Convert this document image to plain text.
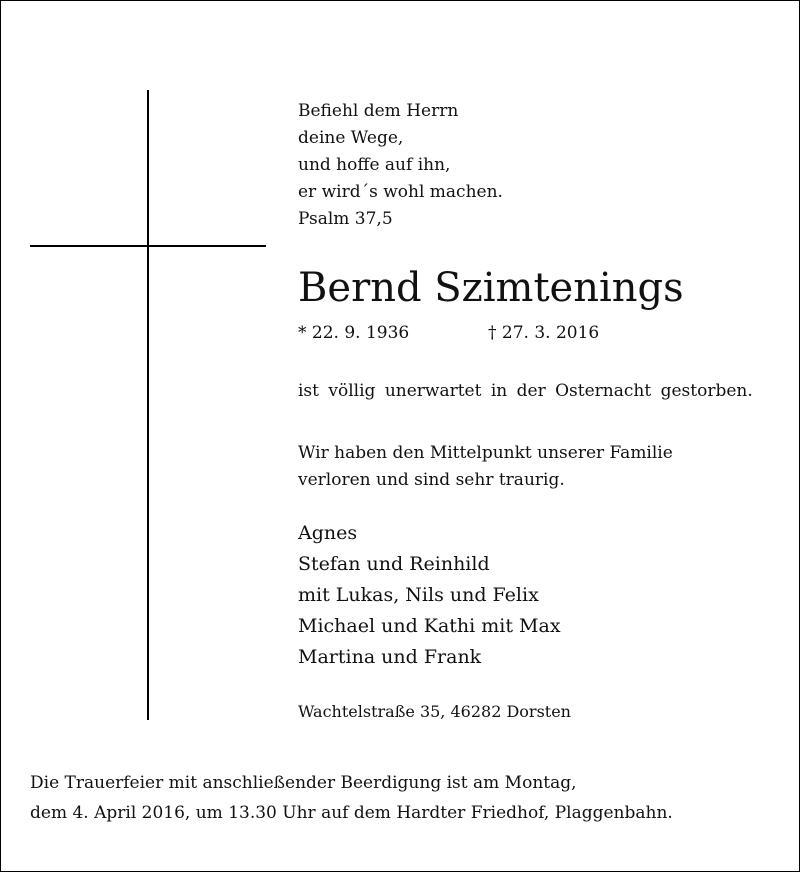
Befiehl dem Herrn

deine Wege,

und hoffe auf ihn,

er wird´s wohl machen.

Psalm 37,5

Bernd Szimtenings
* 22. 9. 1936	† 27. 3. 2016
ist völlig unerwartet in der Osternacht gestorben.

Wir haben den Mittelpunkt unserer Familie

verloren und sind sehr traurig.

Agnes

Stefan und Reinhild

mit Lukas, Nils und Felix

Michael und Kathi mit Max

Martina und Frank

Wachtelstraße 35, 46282 Dorsten

Die Trauerfeier mit anschließender Beerdigung ist am Montag,

dem 4. April 2016, um 13.30 Uhr auf dem Hardter Friedhof, Plaggenbahn.
